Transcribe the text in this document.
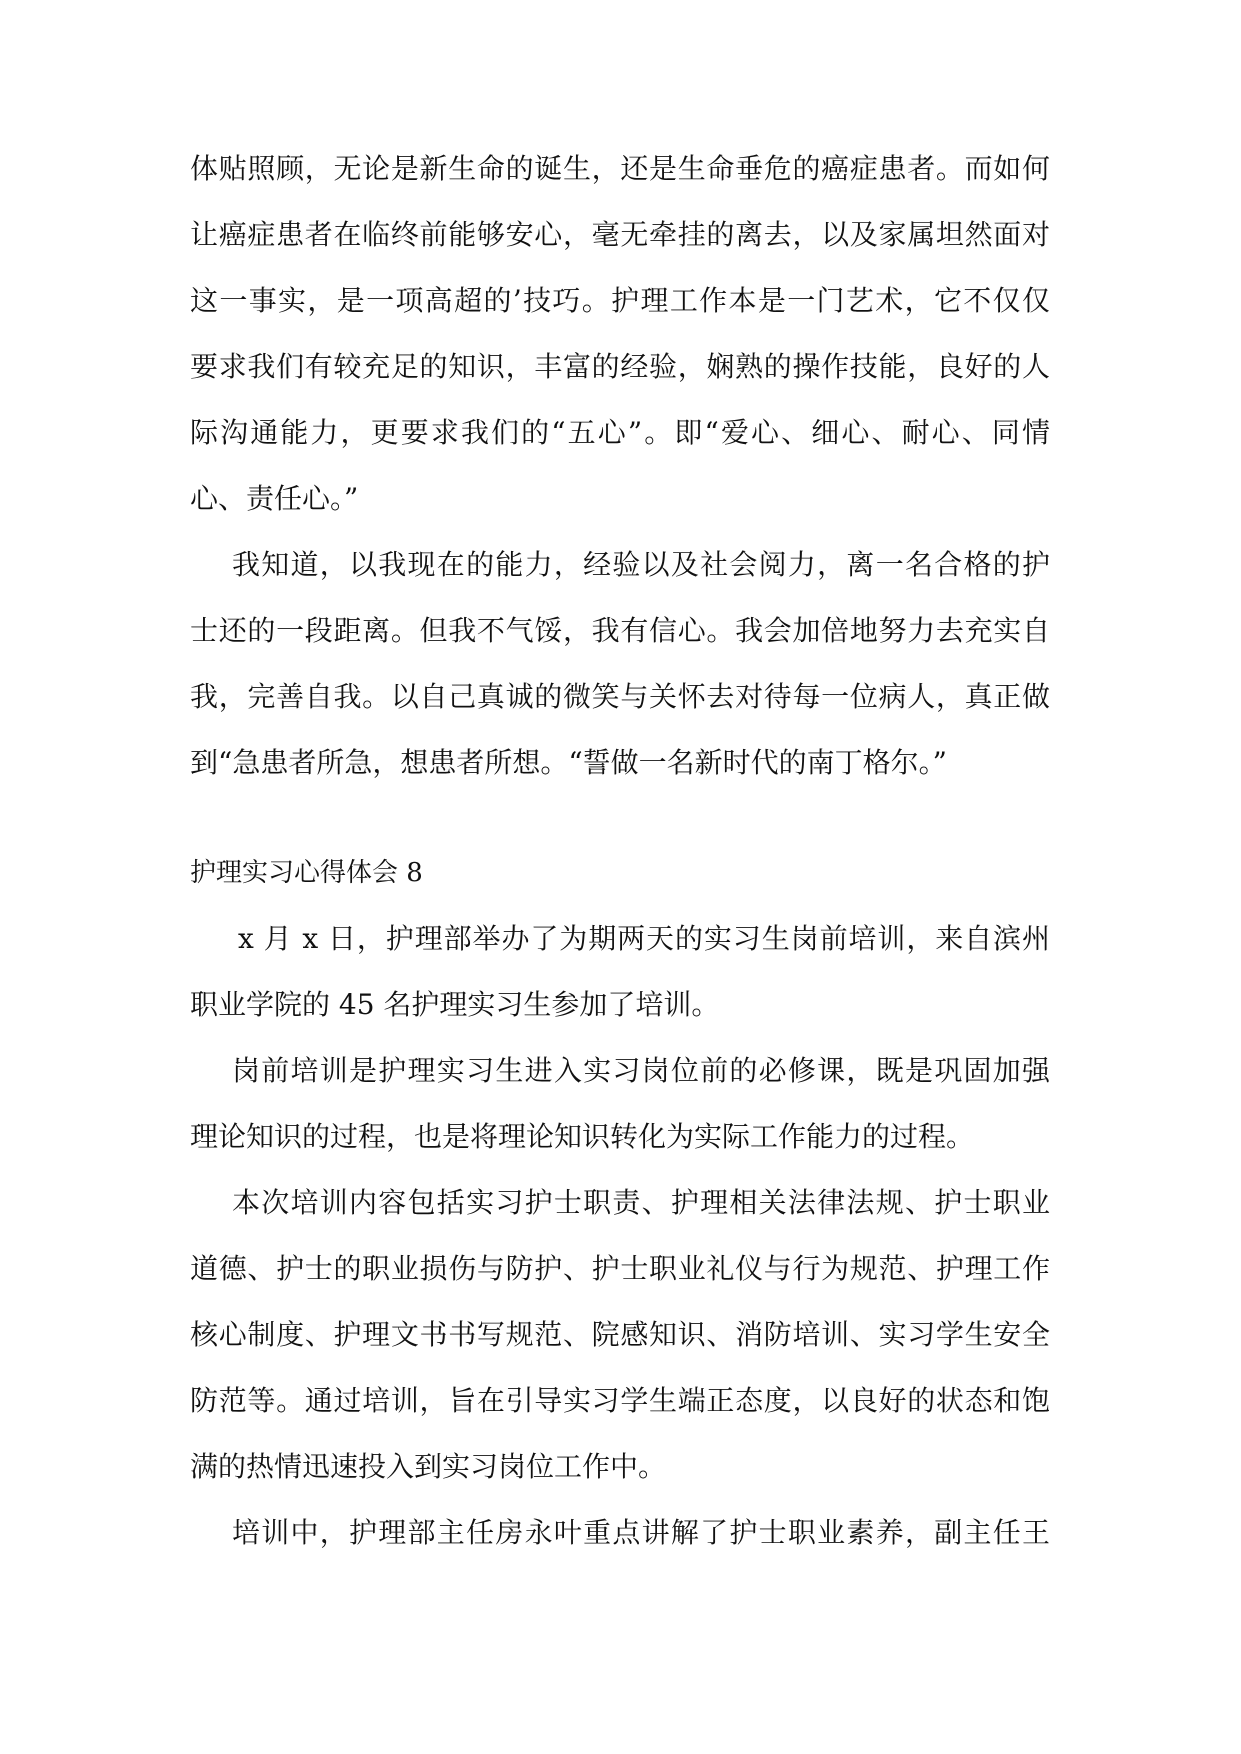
体贴照顾，无论是新生命的诞生，还是生命垂危的癌症患者。而如何
让癌症患者在临终前能够安心，毫无牵挂的离去，以及家属坦然面对
这一事实，是一项高超的’技巧。护理工作本是一门艺术，它不仅仅
要求我们有较充足的知识，丰富的经验，娴熟的操作技能，良好的人
际沟通能力，更要求我们的“五心”。即“爱心、细心、耐心、同情
心、责任心。”
我知道，以我现在的能力，经验以及社会阅力，离一名合格的护
士还的一段距离。但我不气馁，我有信心。我会加倍地努力去充实自
我，完善自我。以自己真诚的微笑与关怀去对待每一位病人，真正做
到“急患者所急，想患者所想。“誓做一名新时代的南丁格尔。”
护理实习心得体会 8
x 月 x 日，护理部举办了为期两天的实习生岗前培训，来自滨州
职业学院的 45 名护理实习生参加了培训。
岗前培训是护理实习生进入实习岗位前的必修课，既是巩固加强
理论知识的过程，也是将理论知识转化为实际工作能力的过程。
本次培训内容包括实习护士职责、护理相关法律法规、护士职业
道德、护士的职业损伤与防护、护士职业礼仪与行为规范、护理工作
核心制度、护理文书书写规范、院感知识、消防培训、实习学生安全
防范等。通过培训，旨在引导实习学生端正态度，以良好的状态和饱
满的热情迅速投入到实习岗位工作中。
培训中，护理部主任房永叶重点讲解了护士职业素养，副主任王
